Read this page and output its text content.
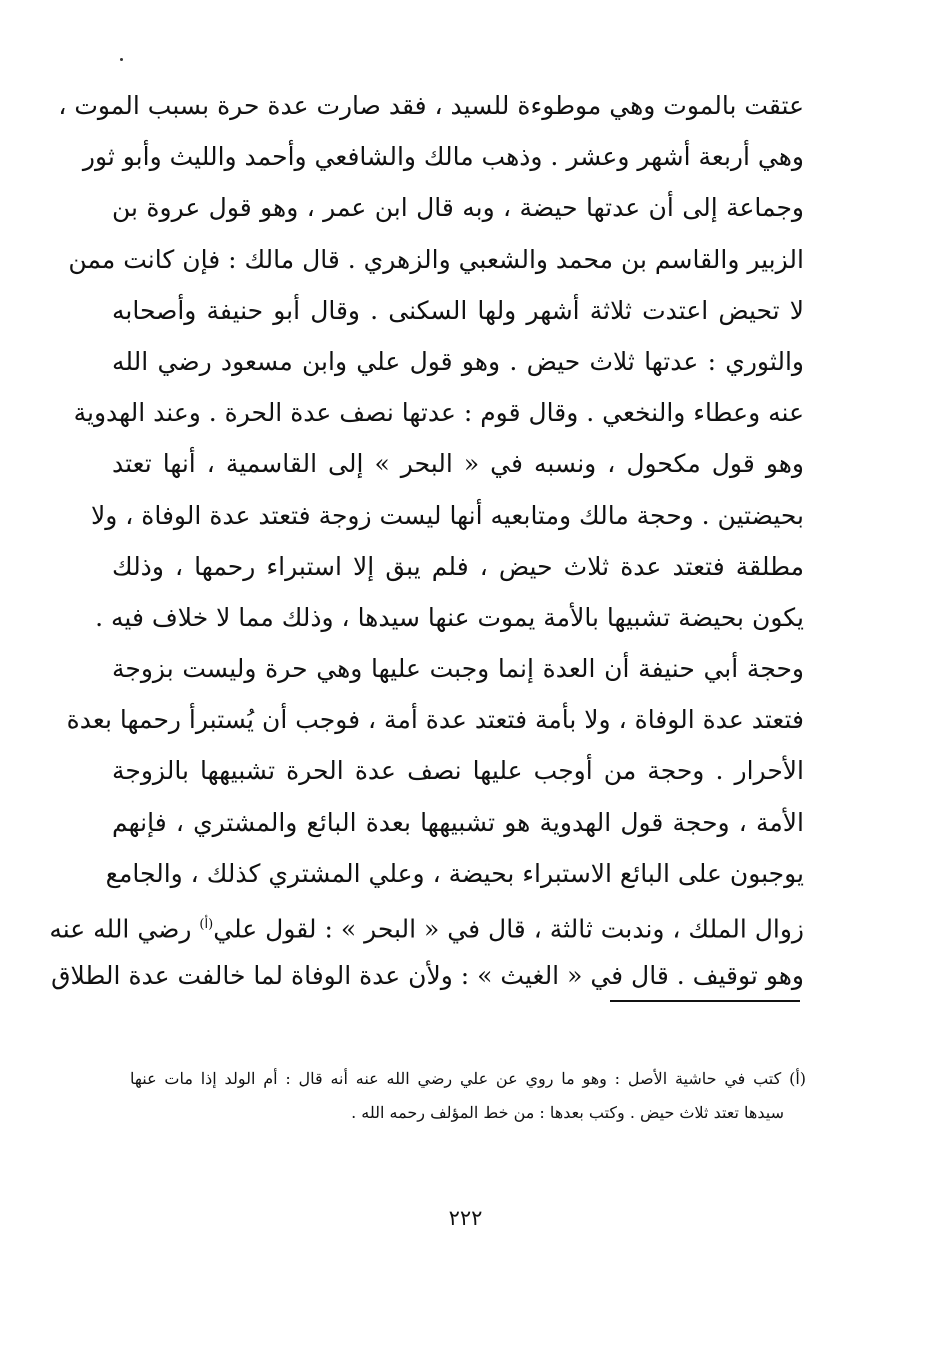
عتقت بالموت وهي موطوءة للسيد ، فقد صارت عدة حرة بسبب الموت ،
وهي أربعة أشهر وعشر . وذهب مالك والشافعي وأحمد والليث وأبو ثور
وجماعة إلى أن عدتها حيضة ، وبه قال ابن عمر ، وهو قول عروة بن
الزبير والقاسم بن محمد والشعبي والزهري . قال مالك : فإن كانت ممن
لا تحيض اعتدت ثلاثة أشهر ولها السكنى . وقال أبو حنيفة وأصحابه
والثوري : عدتها ثلاث حيض . وهو قول علي وابن مسعود رضي الله
عنه وعطاء والنخعي . وقال قوم : عدتها نصف عدة الحرة . وعند الهدوية
وهو قول مكحول ، ونسبه في « البحر » إلى القاسمية ، أنها تعتد
بحيضتين . وحجة مالك ومتابعيه أنها ليست زوجة فتعتد عدة الوفاة ، ولا
مطلقة فتعتد عدة ثلاث حيض ، فلم يبق إلا استبراء رحمها ، وذلك
يكون بحيضة تشبيها بالأمة يموت عنها سيدها ، وذلك مما لا خلاف فيه .
وحجة أبي حنيفة أن العدة إنما وجبت عليها وهي حرة وليست بزوجة
فتعتد عدة الوفاة ، ولا بأمة فتعتد عدة أمة ، فوجب أن يُستبرأ رحمها بعدة
الأحرار . وحجة من أوجب عليها نصف عدة الحرة تشبيهها بالزوجة
الأمة ، وحجة قول الهدوية هو تشبيهها بعدة البائع والمشتري ، فإنهم
يوجبون على البائع الاستبراء بحيضة ، وعلي المشتري كذلك ، والجامع
زوال الملك ، وندبت ثالثة ، قال في « البحر » : لقول علي$^{(أ)}$ رضي الله عنه
وهو توقيف . قال في « الغيث » : ولأن عدة الوفاة لما خالفت عدة الطلاق
(أ) كتب في حاشية الأصل : وهو ما روي عن علي رضي الله عنه أنه قال : أم الولد إذا مات عنها
سيدها تعتد ثلاث حيض . وكتب بعدها : من خط المؤلف رحمه الله .
٢٢٢
